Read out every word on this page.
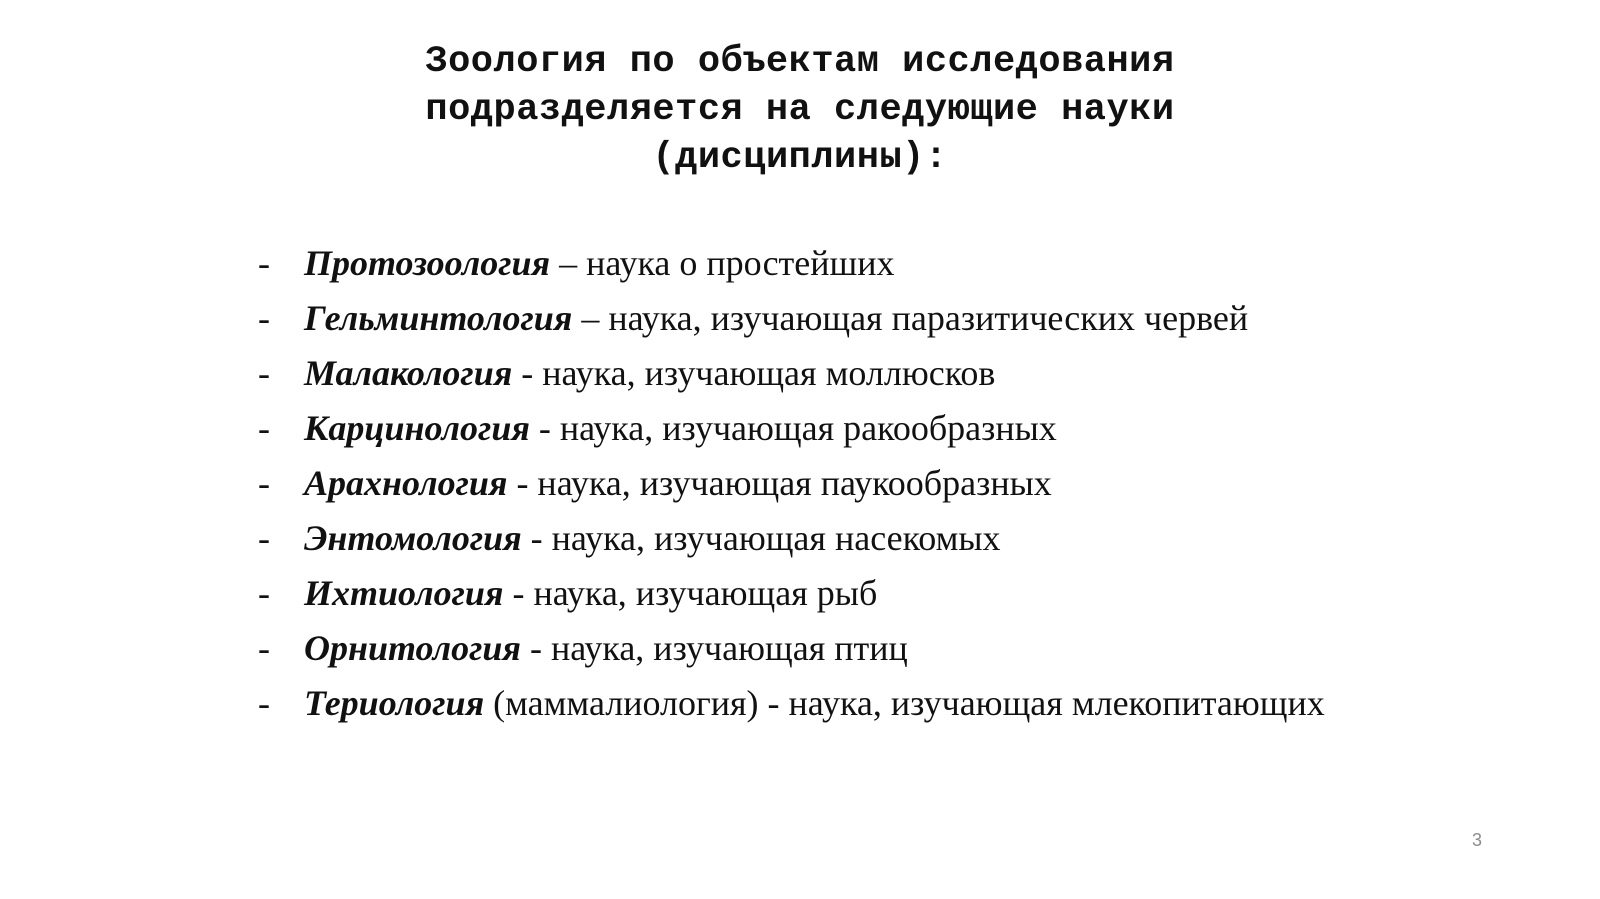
Зоология по объектам исследования
подразделяется на следующие науки
(дисциплины):
- Протозоология – наука о простейших
- Гельминтология – наука, изучающая паразитических червей
- Малакология - наука, изучающая моллюсков
- Карцинология - наука, изучающая ракообразных
- Арахнология - наука, изучающая паукообразных
- Энтомология - наука, изучающая насекомых
- Ихтиология - наука, изучающая рыб
- Орнитология - наука, изучающая птиц
- Териология (маммалиология) - наука, изучающая млекопитающих
3
